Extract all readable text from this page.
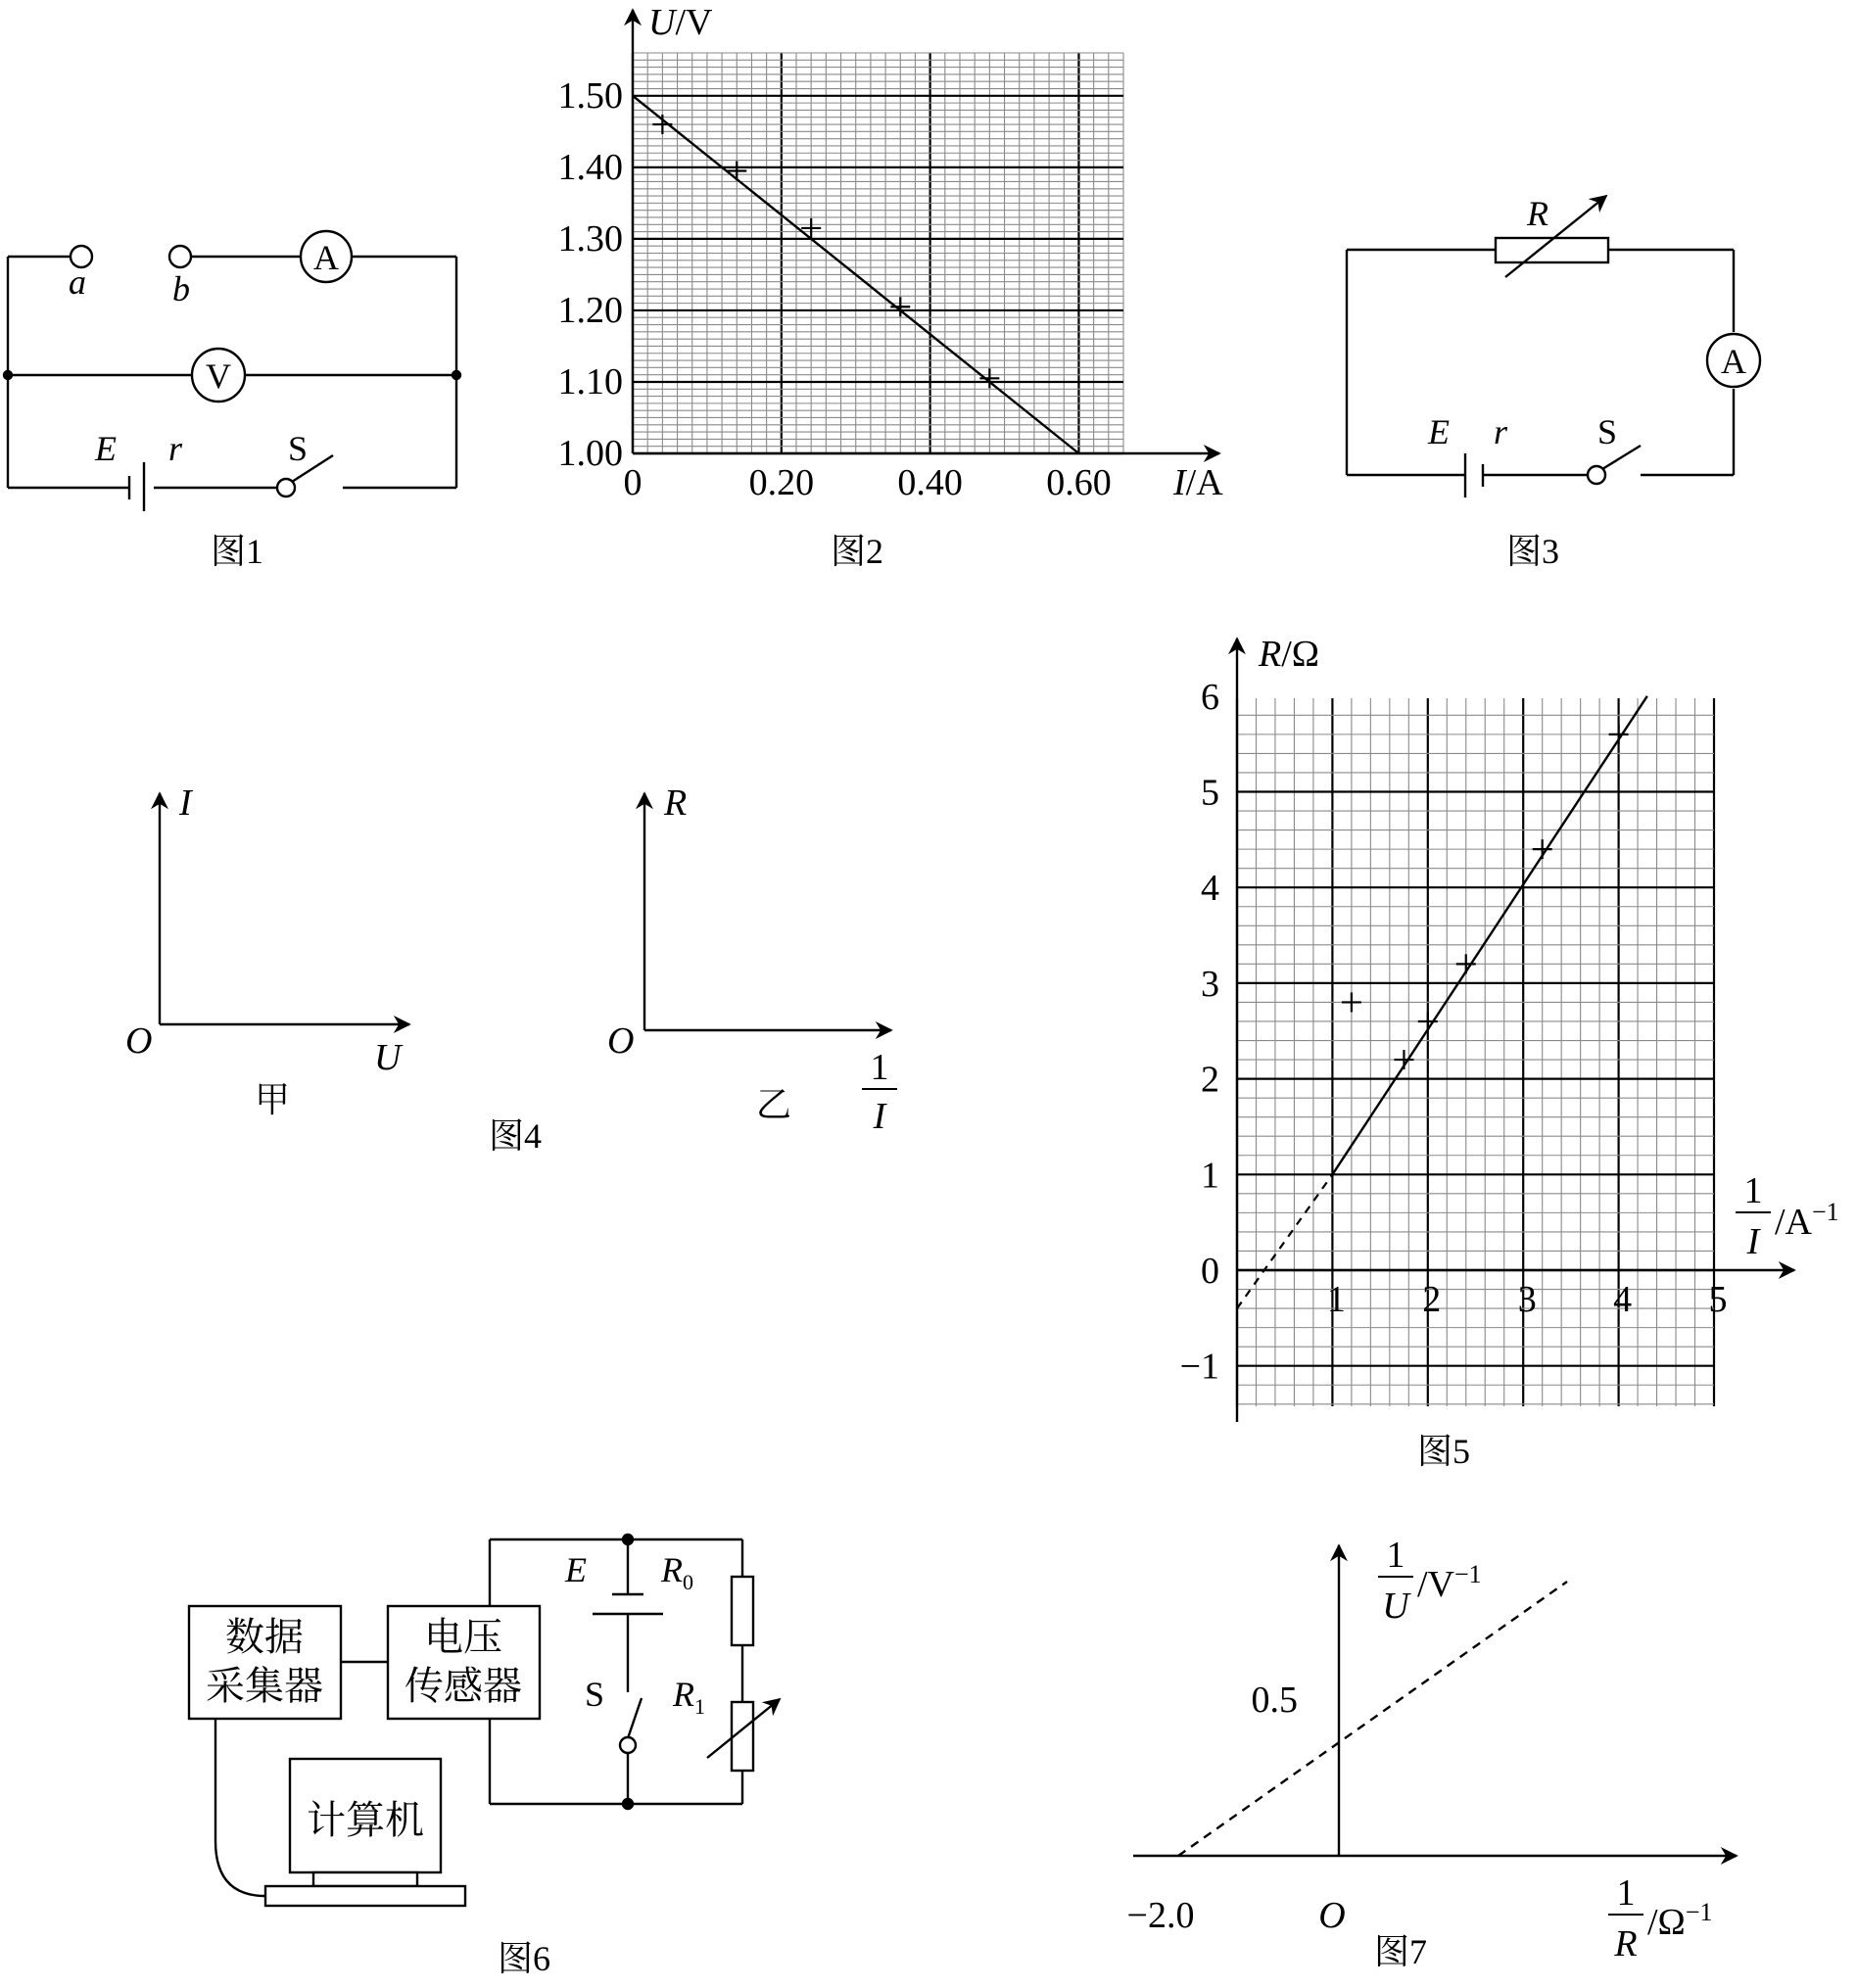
a b
A
V
E r	S
图1
1.00
1.10
1.20
1.30
1.40
1.50
0.20 0.40 0.60
U/V
I/A
0
图2
R
A
E r	S
图3
I
U
O
甲
R
O
乙
1
I
图4
−1
0
1
2
3
4
5
6
1 2 3 4 5
R/Ω
1
I $/A^{-1}$
图5
数据
采集器
电压
传感器
计算机
E $R_0$
S $R_1$
图6
1
U
$/V^{-1}$
0.5
−2.0	O
1
R
$/\Omega^{-1}$
图7
